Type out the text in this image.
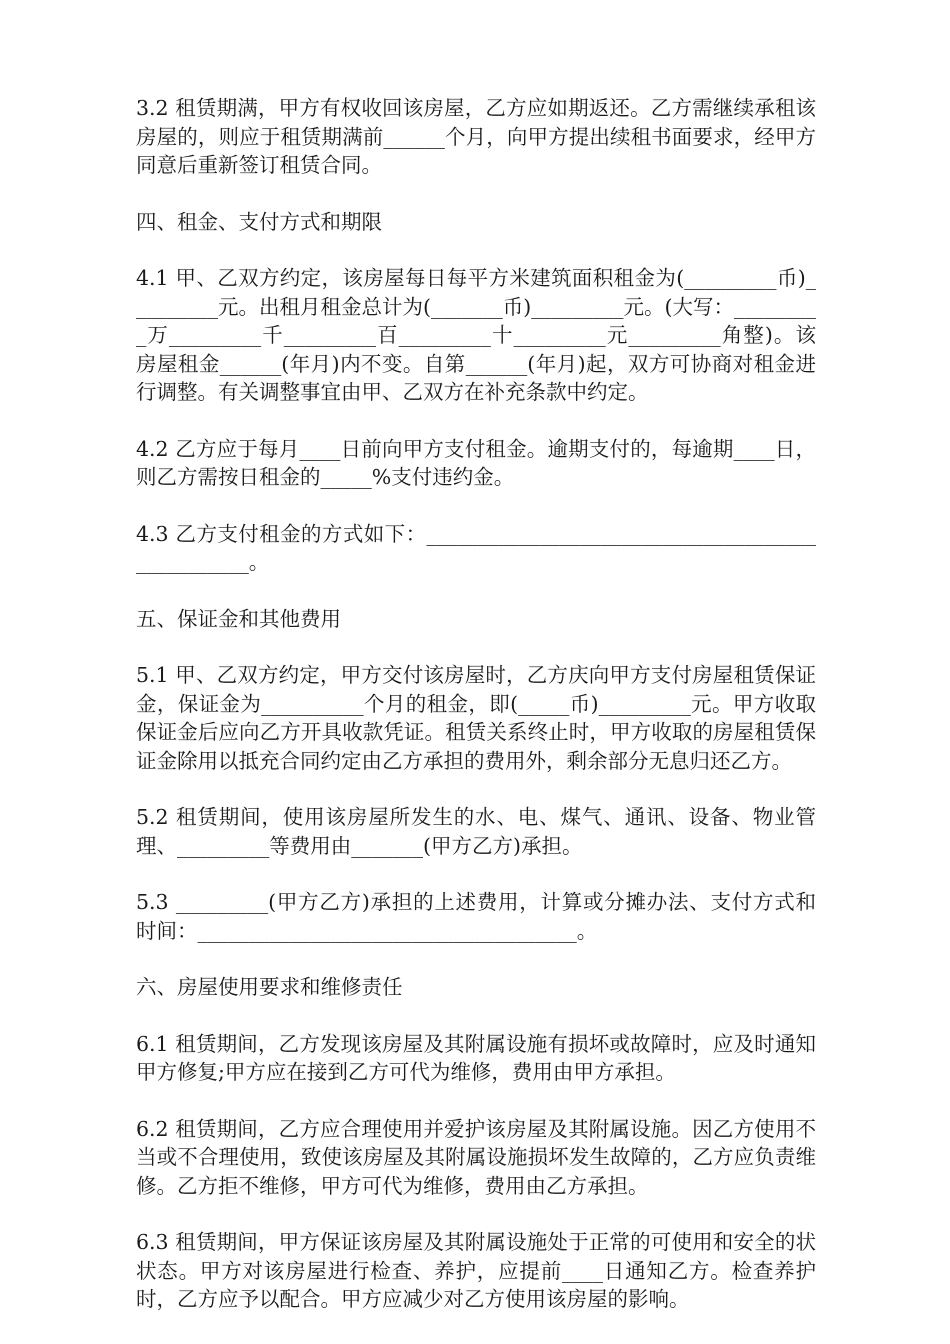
3.2 租赁期满，甲方有权收回该房屋，乙方应如期返还。乙方需继续承租该房屋的，则应于租赁期满前______个月，向甲方提出续租书面要求，经甲方同意后重新签订租赁合同。

四、租金、支付方式和期限

4.1 甲、乙双方约定，该房屋每日每平方米建筑面积租金为(_________币)_________元。出租月租金总计为(_______币)_________元。(大写：_________万_________千_________百_________十_________元_________角整)。该房屋租金______(年月)内不变。自第______(年月)起，双方可协商对租金进行调整。有关调整事宜由甲、乙双方在补充条款中约定。

4.2 乙方应于每月____日前向甲方支付租金。逾期支付的，每逾期____日，则乙方需按日租金的_____%支付违约金。

4.3 乙方支付租金的方式如下：_________________________________________________。

五、保证金和其他费用

5.1 甲、乙双方约定，甲方交付该房屋时，乙方庆向甲方支付房屋租赁保证金，保证金为__________个月的租金，即(_____币)_________元。甲方收取保证金后应向乙方开具收款凭证。租赁关系终止时，甲方收取的房屋租赁保证金除用以抵充合同约定由乙方承担的费用外，剩余部分无息归还乙方。

5.2 租赁期间，使用该房屋所发生的水、电、煤气、通讯、设备、物业管理、_________等费用由_______(甲方乙方)承担。

5.3 _________(甲方乙方)承担的上述费用，计算或分摊办法、支付方式和时间：_____________________________________。

六、房屋使用要求和维修责任

6.1 租赁期间，乙方发现该房屋及其附属设施有损坏或故障时，应及时通知甲方修复;甲方应在接到乙方可代为维修，费用由甲方承担。

6.2 租赁期间，乙方应合理使用并爱护该房屋及其附属设施。因乙方使用不当或不合理使用，致使该房屋及其附属设施损坏发生故障的，乙方应负责维修。乙方拒不维修，甲方可代为维修，费用由乙方承担。

6.3 租赁期间，甲方保证该房屋及其附属设施处于正常的可使用和安全的状状态。甲方对该房屋进行检查、养护，应提前____日通知乙方。检查养护时，乙方应予以配合。甲方应减少对乙方使用该房屋的影响。
